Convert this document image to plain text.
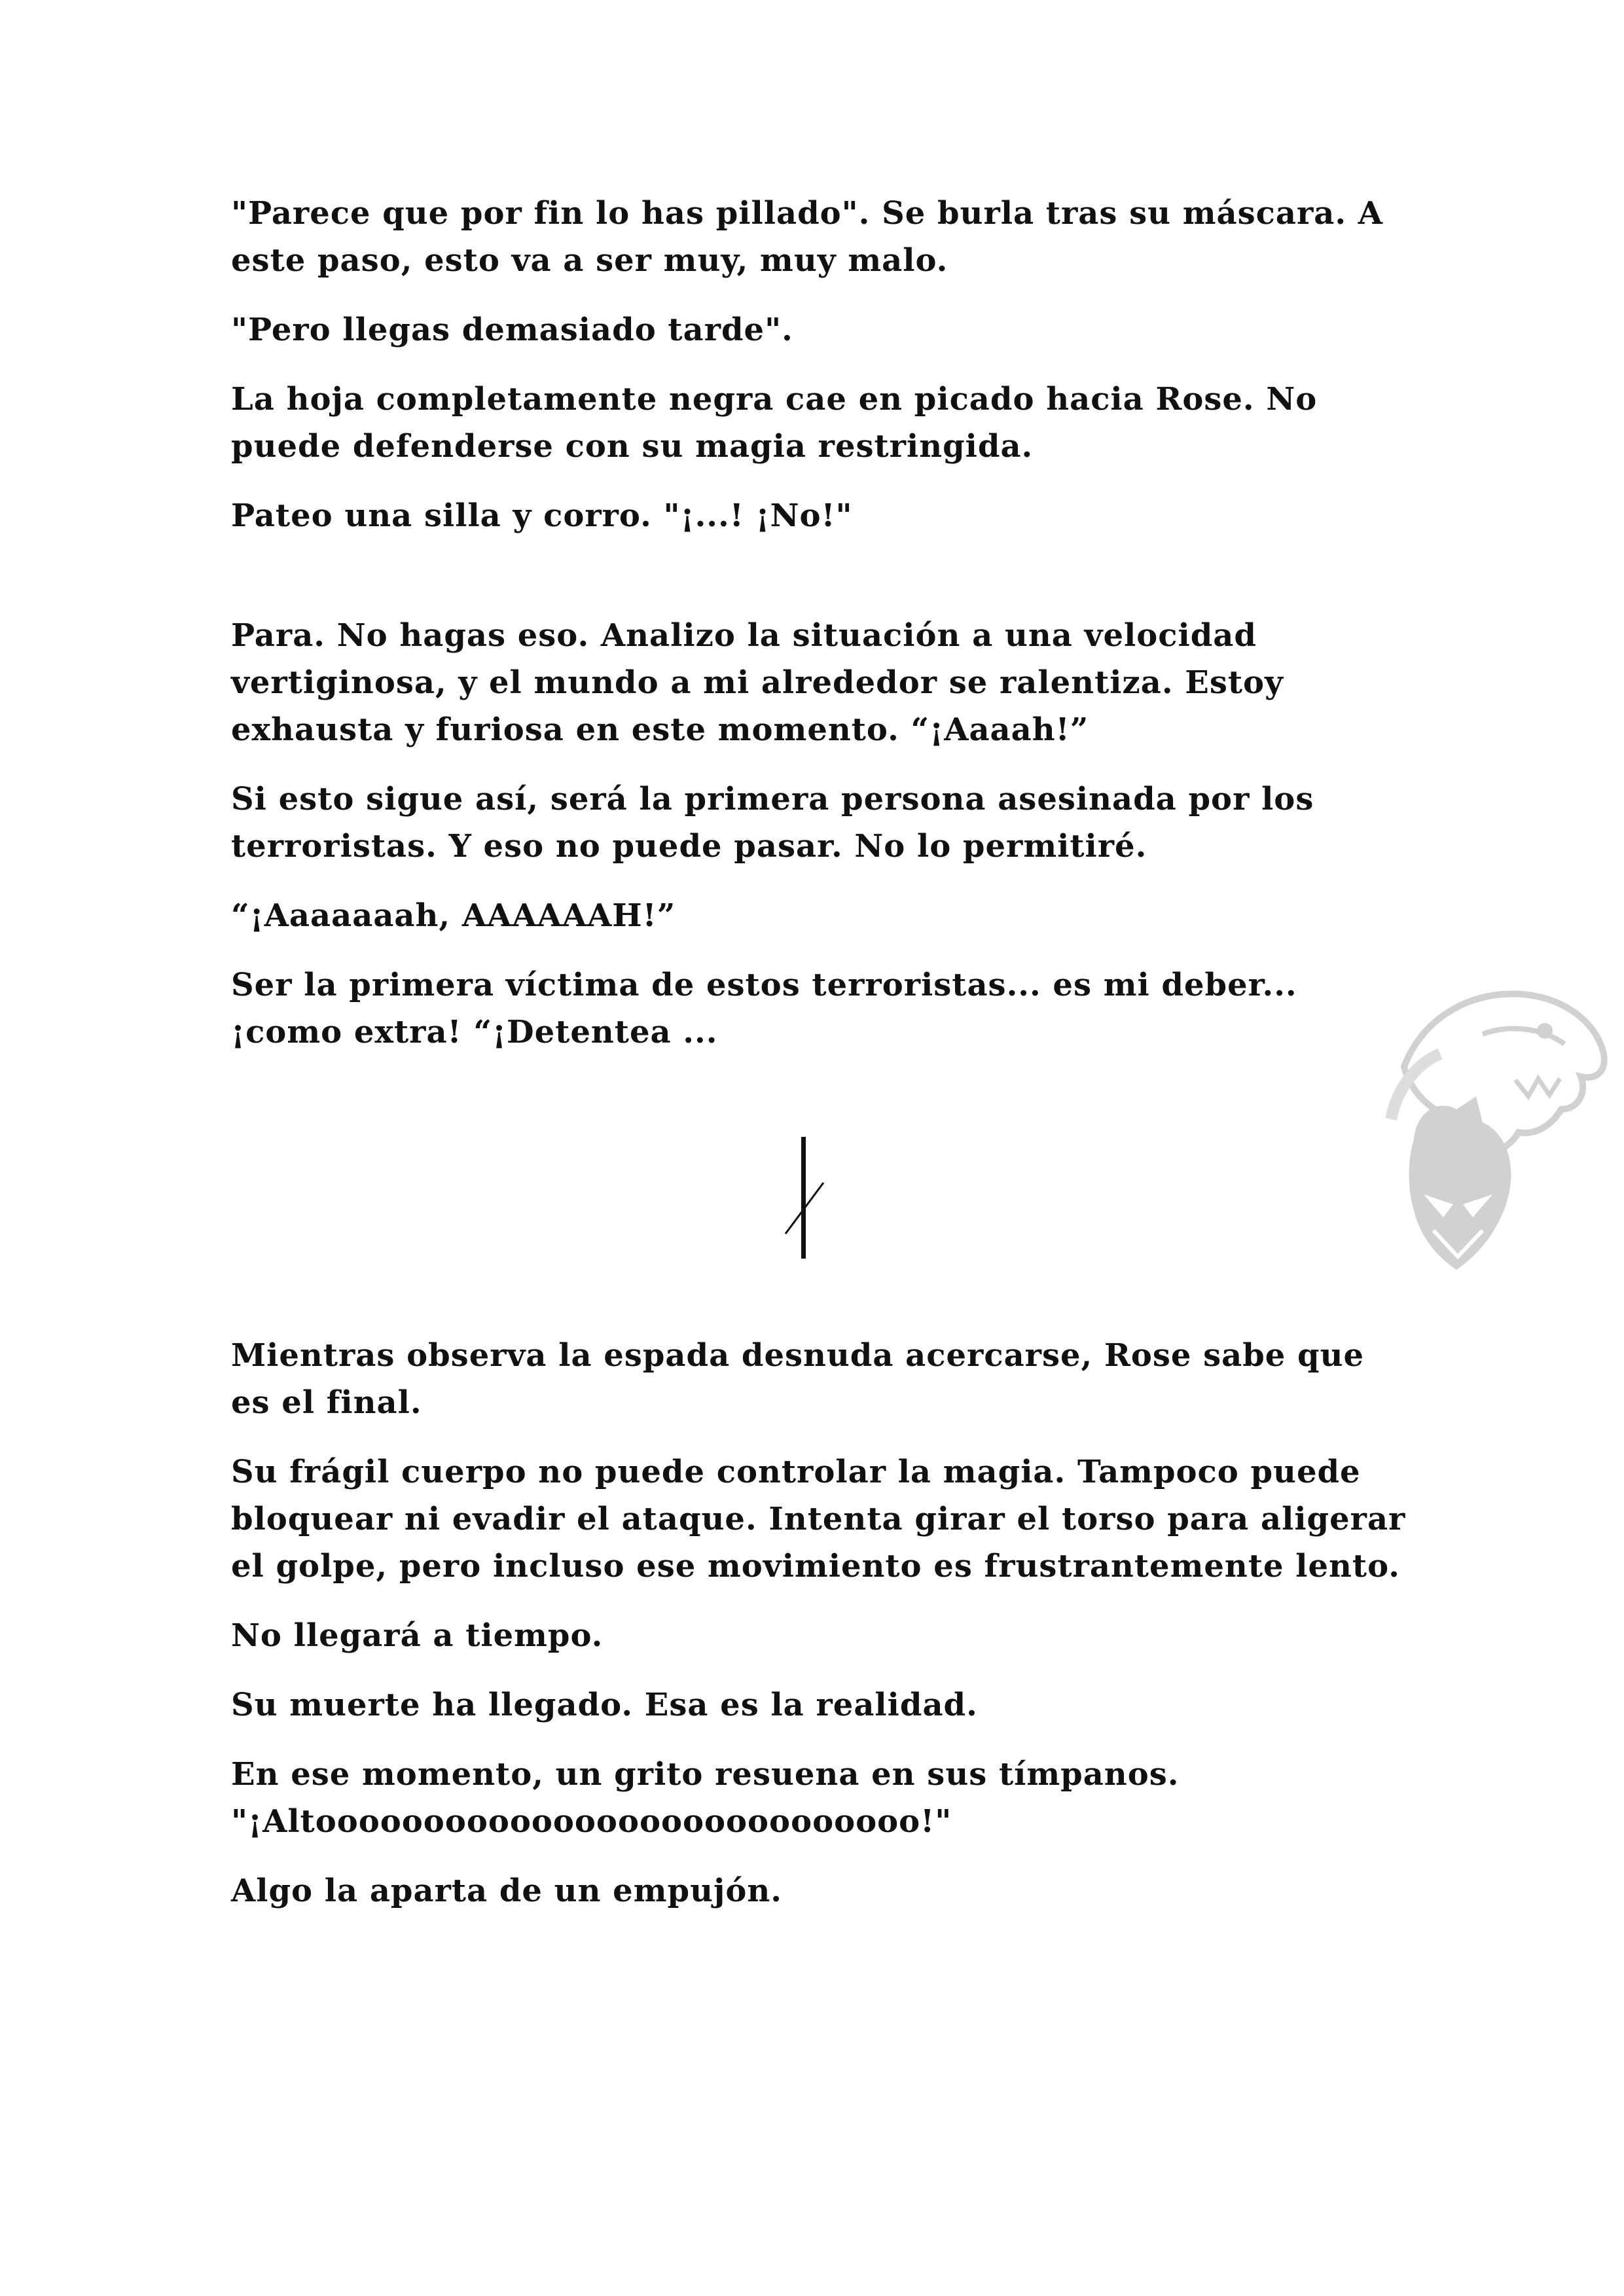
"Parece que por fin lo has pillado". Se burla tras su máscara. A este paso, esto va a ser muy, muy malo.

"Pero llegas demasiado tarde".

La hoja completamente negra cae en picado hacia Rose. No puede defenderse con su magia restringida.

Pateo una silla y corro. "¡...! ¡No!"

Para. No hagas eso. Analizo la situación a una velocidad vertiginosa, y el mundo a mi alrededor se ralentiza. Estoy exhausta y furiosa en este momento. “¡Aaaah!”

Si esto sigue así, será la primera persona asesinada por los terroristas. Y eso no puede pasar. No lo permitiré.

“¡Aaaaaaah, AAAAAAH!”

Ser la primera víctima de estos terroristas... es mi deber... ¡como extra! “¡Detentea ...

Mientras observa la espada desnuda acercarse, Rose sabe que es el final.

Su frágil cuerpo no puede controlar la magia. Tampoco puede bloquear ni evadir el ataque. Intenta girar el torso para aligerar el golpe, pero incluso ese movimiento es frustrantemente lento.

No llegará a tiempo.

Su muerte ha llegado. Esa es la realidad.

En ese momento, un grito resuena en sus tímpanos. "¡Altoooooooooooooooooooooooooooo!"

Algo la aparta de un empujón.
